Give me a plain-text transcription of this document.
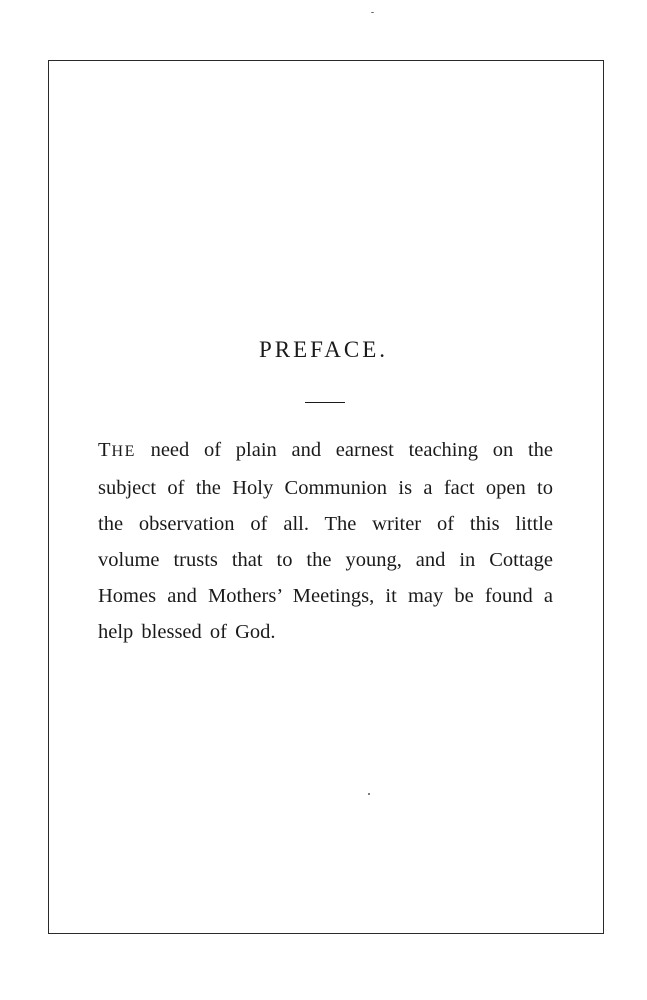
PREFACE.

THE need of plain and earnest teaching on the subject of the Holy Communion is a fact open to the observation of all. The writer of this little volume trusts that to the young, and in Cottage Homes and Mothers’ Meetings, it may be found a help blessed of God.
